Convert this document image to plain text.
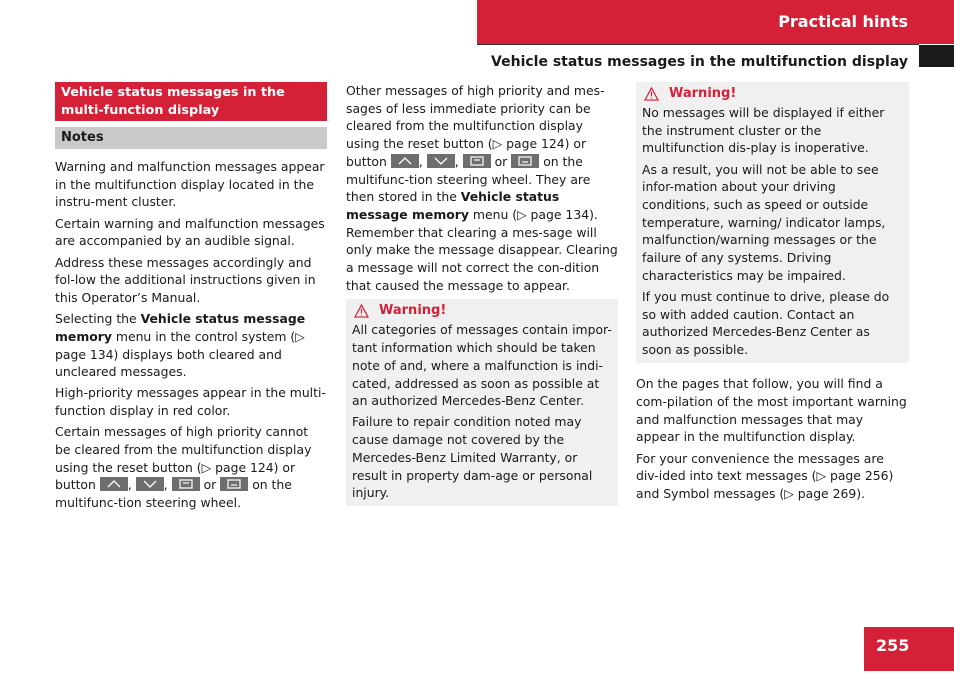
Practical hints
Vehicle status messages in the multifunction display
Vehicle status messages in the multi-function display
Notes

Warning and malfunction messages appear in the multifunction display located in the instru-ment cluster.

Certain warning and malfunction messages are accompanied by an audible signal.

Address these messages accordingly and fol-low the additional instructions given in this Operator’s Manual.

Selecting the Vehicle status message memory menu in the control system (▷ page 134) displays both cleared and uncleared messages.

High-priority messages appear in the multi-function display in red color.

Certain messages of high priority cannot be cleared from the multifunction display using the reset button (▷ page 124) or button	,	,	or	on the multifunc-tion steering wheel.

Other messages of high priority and mes-sages of less immediate priority can be cleared from the multifunction display using the reset button (▷ page 124) or button	,	,	or	on the multifunc-tion steering wheel. They are then stored in the Vehicle status message memory menu (▷ page 134). Remember that clearing a mes-sage will only make the message disappear. Clearing a message will not correct the con-dition that caused the message to appear.

Warning!

All categories of messages contain impor-tant information which should be taken note of and, where a malfunction is indi-cated, addressed as soon as possible at an authorized Mercedes-Benz Center.

Failure to repair condition noted may cause damage not covered by the Mercedes-Benz Limited Warranty, or result in property dam-age or personal injury.

Warning!

No messages will be displayed if either the instrument cluster or the multifunction dis-play is inoperative.

As a result, you will not be able to see infor-mation about your driving conditions, such as speed or outside temperature, warning/ indicator lamps, malfunction/warning messages or the failure of any systems. Driving characteristics may be impaired.

If you must continue to drive, please do so with added caution. Contact an authorized Mercedes-Benz Center as soon as possible.

On the pages that follow, you will find a com-pilation of the most important warning and malfunction messages that may appear in the multifunction display.

For your convenience the messages are div-ided into text messages (▷ page 256) and Symbol messages (▷ page 269).

255
